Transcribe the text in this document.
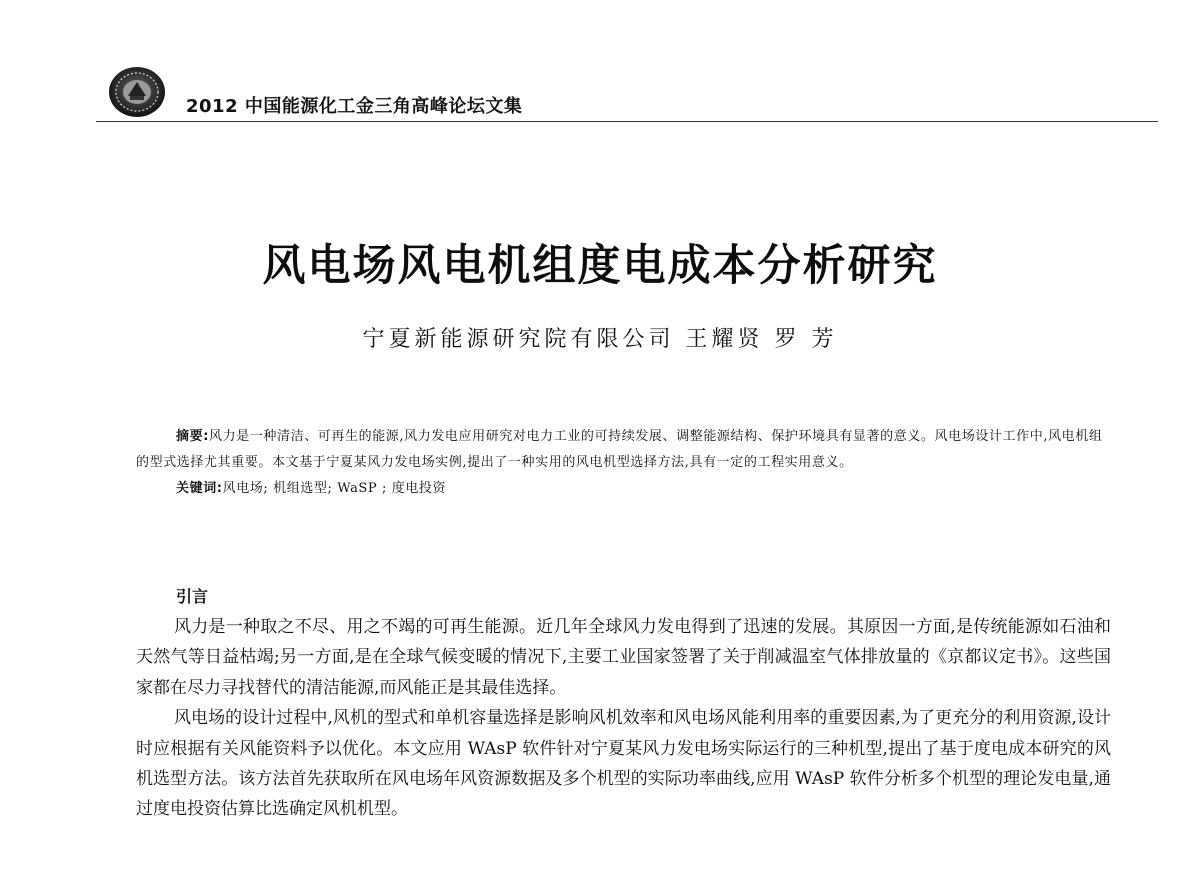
2012 中国能源化工金三角高峰论坛文集
风电场风电机组度电成本分析研究
宁夏新能源研究院有限公司 王耀贤 罗 芳

摘要:风力是一种清洁、可再生的能源,风力发电应用研究对电力工业的可持续发展、调整能源结构、保护环境具有显著的意义。风电场设计工作中,风电机组的型式选择尤其重要。本文基于宁夏某风力发电场实例,提出了一种实用的风电机型选择方法,具有一定的工程实用意义。

关键词:风电场; 机组选型; WaSP ; 度电投资

引言

风力是一种取之不尽、用之不竭的可再生能源。近几年全球风力发电得到了迅速的发展。其原因一方面,是传统能源如石油和天然气等日益枯竭;另一方面,是在全球气候变暖的情况下,主要工业国家签署了关于削减温室气体排放量的《京都议定书》。这些国家都在尽力寻找替代的清洁能源,而风能正是其最佳选择。

风电场的设计过程中,风机的型式和单机容量选择是影响风机效率和风电场风能利用率的重要因素,为了更充分的利用资源,设计时应根据有关风能资料予以优化。本文应用 WAsP 软件针对宁夏某风力发电场实际运行的三种机型,提出了基于度电成本研究的风机选型方法。该方法首先获取所在风电场年风资源数据及多个机型的实际功率曲线,应用 WAsP 软件分析多个机型的理论发电量,通过度电投资估算比选确定风机机型。
